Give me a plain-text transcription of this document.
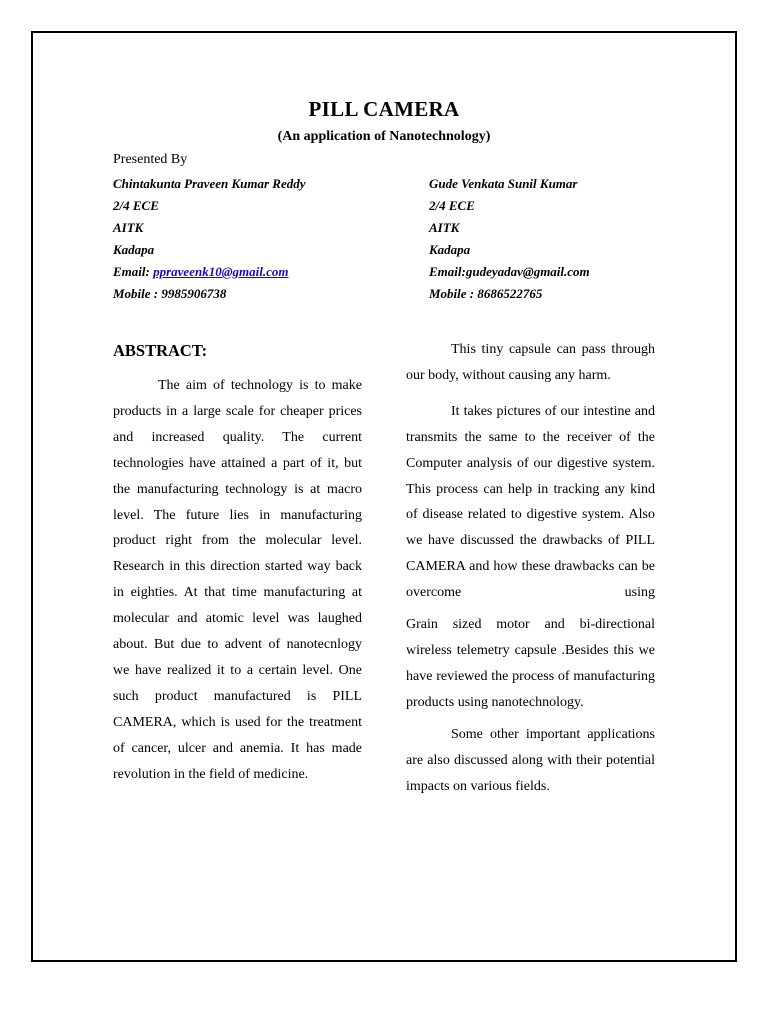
PILL CAMERA
(An application of Nanotechnology)
Presented By
Chintakunta Praveen Kumar Reddy
2/4 ECE
AITK
Kadapa
Email: ppraveenk10@gmail.com
Mobile : 9985906738
Gude Venkata Sunil Kumar
2/4 ECE
AITK
Kadapa
Email:gudeyadav@gmail.com
Mobile : 8686522765
ABSTRACT:

The aim of technology is to make products in a large scale for cheaper prices and increased quality. The current technologies have attained a part of it, but the manufacturing technology is at macro level. The future lies in manufacturing product right from the molecular level. Research in this direction started way back in eighties. At that time manufacturing at molecular and atomic level was laughed about. But due to advent of nanotecnlogy we have realized it to a certain level. One such product manufactured is PILL CAMERA, which is used for the treatment of cancer, ulcer and anemia. It has made revolution in the field of medicine.

This tiny capsule can pass through our body, without causing any harm.

It takes pictures of our intestine and transmits the same to the receiver of the Computer analysis of our digestive system. This process can help in tracking any kind of disease related to digestive system. Also we have discussed the drawbacks of PILL CAMERA and how these drawbacks can be overcome using

Grain sized motor and bi-directional wireless telemetry capsule .Besides this we have reviewed the process of manufacturing products using nanotechnology.

Some other important applications are also discussed along with their potential impacts on various fields.
